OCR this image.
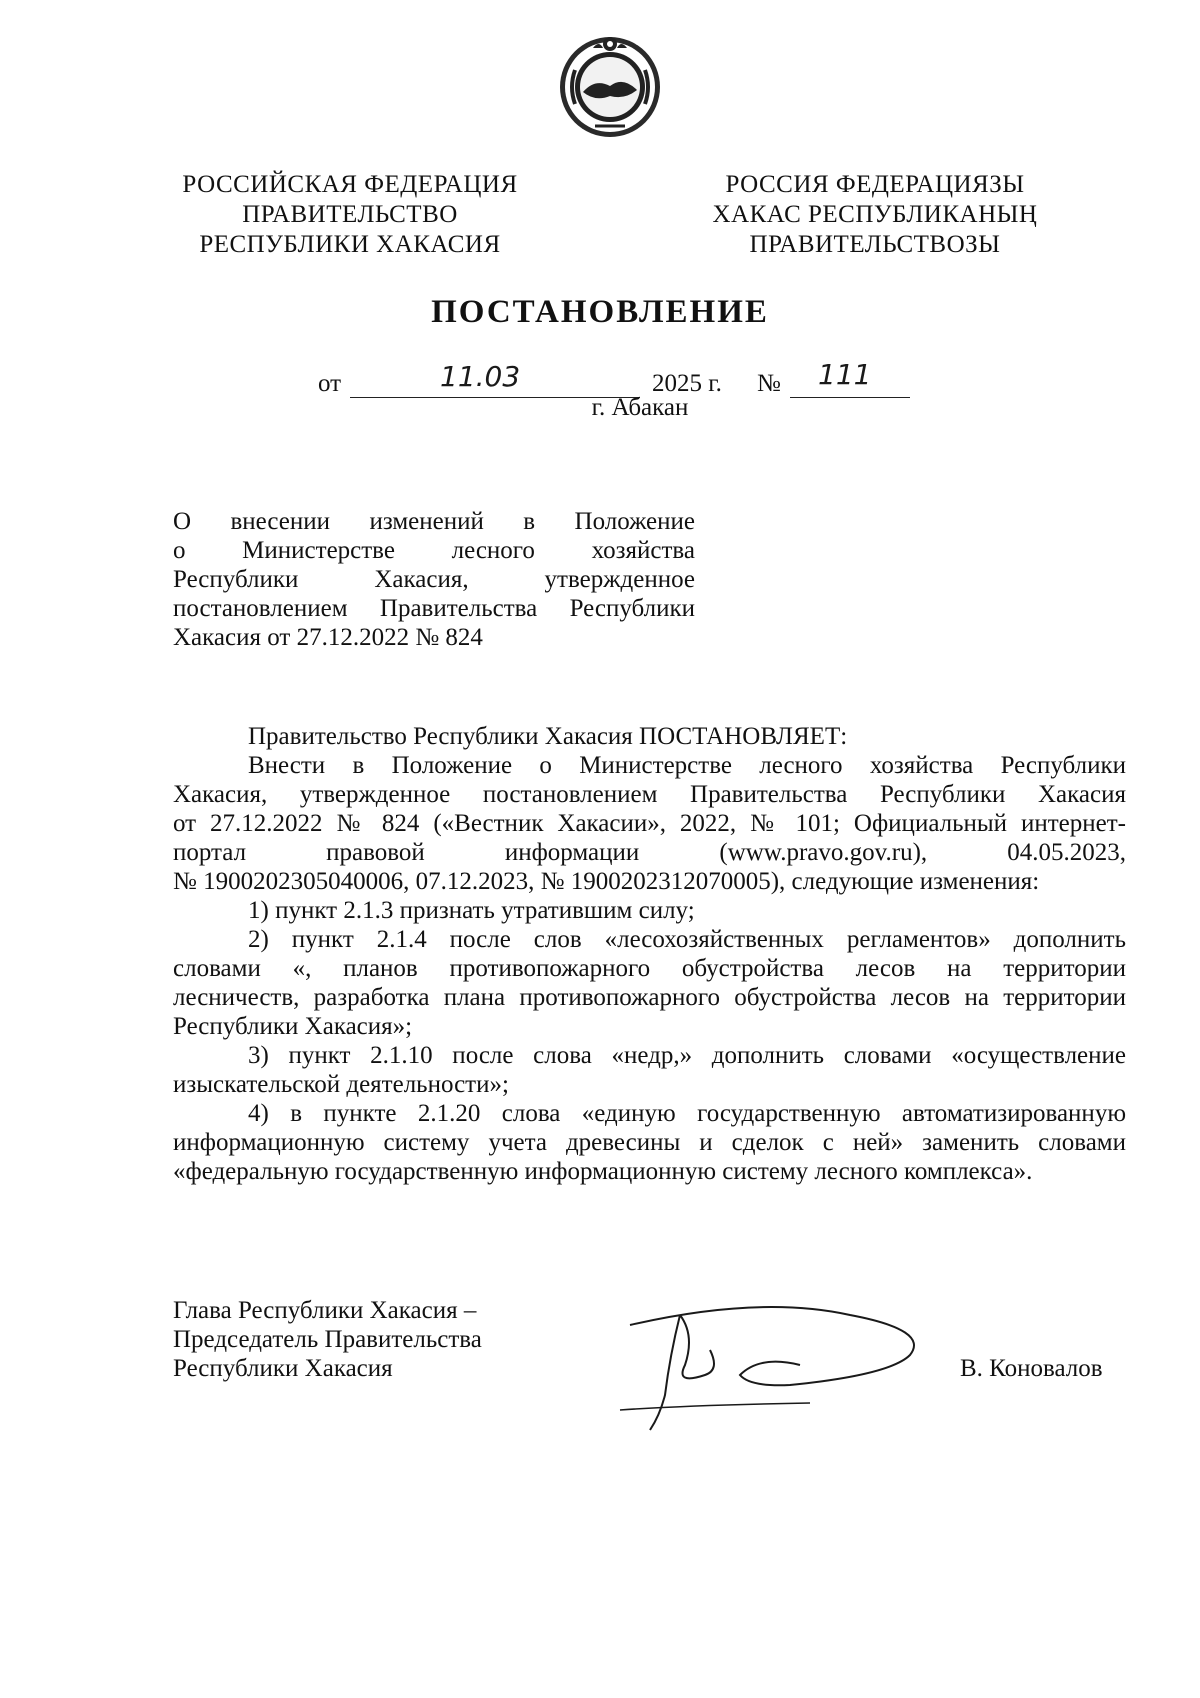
РОССИЙСКАЯ ФЕДЕРАЦИЯ
ПРАВИТЕЛЬСТВО
РЕСПУБЛИКИ ХАКАСИЯ
РОССИЯ ФЕДЕРАЦИЯЗЫ
ХАКАС РЕСПУБЛИКАНЫҢ
ПРАВИТЕЛЬСТВОЗЫ
ПОСТАНОВЛЕНИЕ
от	11.03	2025 г. № 111
г. Абакан
О внесении изменений в Положение
о Министерстве лесного хозяйства
Республики Хакасия, утвержденное
постановлением Правительства Республики
Хакасия от 27.12.2022 № 824
Правительство Республики Хакасия ПОСТАНОВЛЯЕТ:
Внести в Положение о Министерстве лесного хозяйства Республики
Хакасия, утвержденное постановлением Правительства Республики Хакасия
от 27.12.2022 № 824 («Вестник Хакасии», 2022, № 101; Официальный интернет-
портал правовой информации (www.pravo.gov.ru), 04.05.2023,
№ 1900202305040006, 07.12.2023, № 1900202312070005), следующие изменения:
1) пункт 2.1.3 признать утратившим силу;
2) пункт 2.1.4 после слов «лесохозяйственных регламентов» дополнить
словами «, планов противопожарного обустройства лесов на территории
лесничеств, разработка плана противопожарного обустройства лесов на территории
Республики Хакасия»;
3) пункт 2.1.10 после слова «недр,» дополнить словами «осуществление
изыскательской деятельности»;
4) в пункте 2.1.20 слова «единую государственную автоматизированную
информационную систему учета древесины и сделок с ней» заменить словами
«федеральную государственную информационную систему лесного комплекса».
Глава Республики Хакасия –
Председатель Правительства
Республики Хакасия	В. Коновалов
